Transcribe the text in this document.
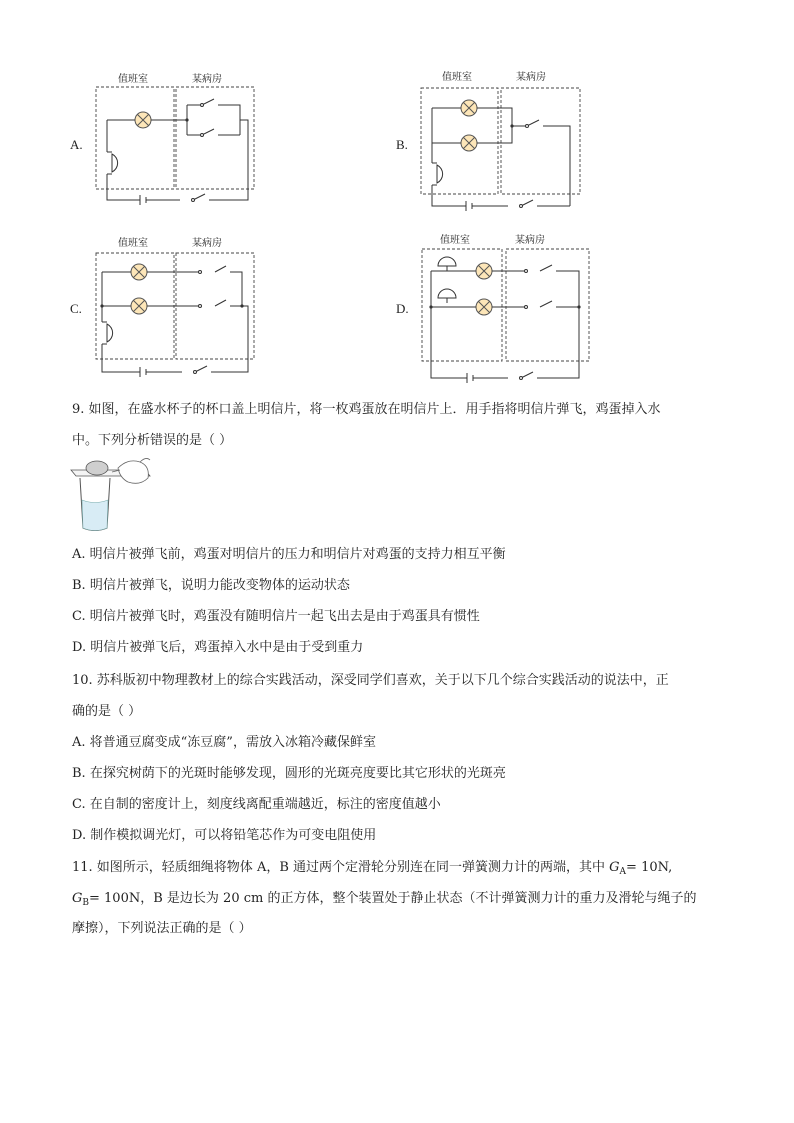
A.
值班室	某病房
B.
值班室	某病房
C.
值班室	某病房
D.
值班室	某病房
9. 如图，在盛水杯子的杯口盖上明信片，将一枚鸡蛋放在明信片上．用手指将明信片弹飞，鸡蛋掉入水
中。下列分析错误的是（ ）
A. 明信片被弹飞前，鸡蛋对明信片的压力和明信片对鸡蛋的支持力相互平衡
B. 明信片被弹飞，说明力能改变物体的运动状态
C. 明信片被弹飞时，鸡蛋没有随明信片一起飞出去是由于鸡蛋具有惯性
D. 明信片被弹飞后，鸡蛋掉入水中是由于受到重力
10. 苏科版初中物理教材上的综合实践活动，深受同学们喜欢，关于以下几个综合实践活动的说法中，正
确的是（ ）
A. 将普通豆腐变成“冻豆腐”，需放入冰箱冷藏保鲜室
B. 在探究树荫下的光斑时能够发现，圆形的光斑亮度要比其它形状的光斑亮
C. 在自制的密度计上，刻度线离配重端越近，标注的密度值越小
D. 制作模拟调光灯，可以将铅笔芯作为可变电阻使用
11. 如图所示，轻质细绳将物体 A，B 通过两个定滑轮分别连在同一弹簧测力计的两端，其中 $G_A= 10N$,
$G_B= 100N$，B 是边长为 20 cm 的正方体，整个装置处于静止状态（不计弹簧测力计的重力及滑轮与绳子的
摩擦），下列说法正确的是（ ）
